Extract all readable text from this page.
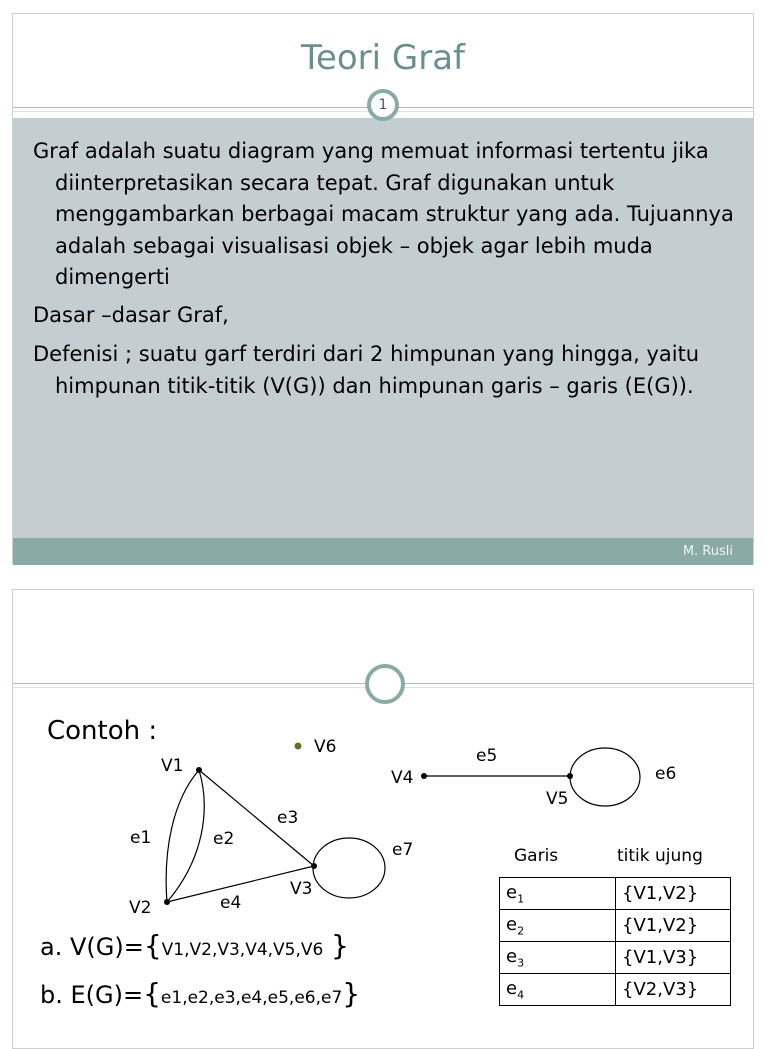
Teori Graf
Graf adalah suatu diagram yang memuat informasi tertentu jika diinterpretasikan secara tepat. Graf digunakan untuk menggambarkan berbagai macam struktur yang ada. Tujuannya adalah sebagai visualisasi objek – objek agar lebih muda dimengerti
Dasar –dasar Graf,
Defenisi ; suatu garf terdiri dari 2 himpunan yang hingga, yaitu himpunan titik-titik (V(G)) dan himpunan garis – garis (E(G)).
1
M. Rusli
Contoh :
V1
V2
V3
V4
V5
V6
e1	e2
e3
e4
e5
e6
e7
a. V(G)={V1,V2,V3,V4,V5,V6 }
b. E(G)={e1,e2,e3,e4,e5,e6,e7}
Garis	titik ujung
$e_1$	{V1,V2}
$e_2$	{V1,V2}
$e_3$	{V1,V3}
$e_4$	{V2,V3}
